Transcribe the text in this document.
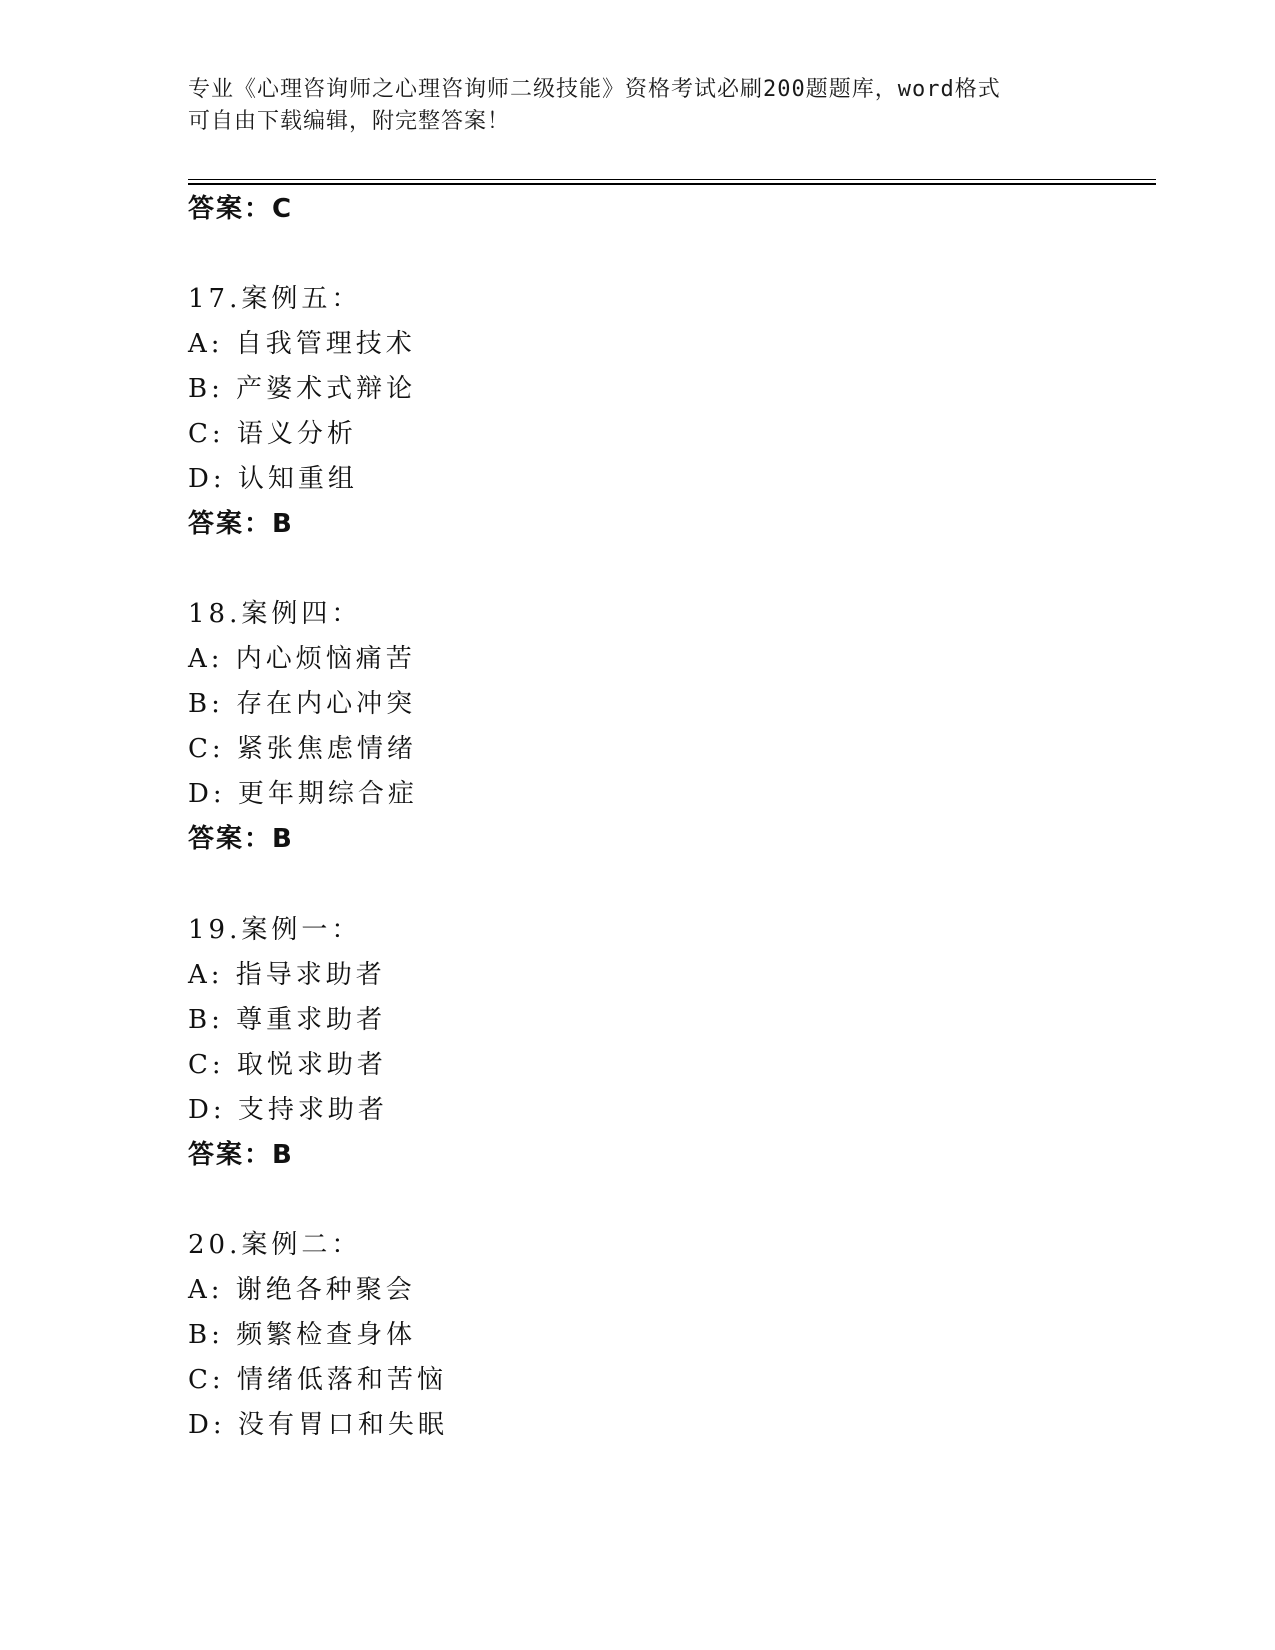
专业《心理咨询师之心理咨询师二级技能》资格考试必刷200题题库，word格式
可自由下载编辑，附完整答案！
答案：C
17.案例五：
A: 自我管理技术
B: 产婆术式辩论
C: 语义分析
D: 认知重组
答案：B
18.案例四：
A: 内心烦恼痛苦
B: 存在内心冲突
C: 紧张焦虑情绪
D: 更年期综合症
答案：B
19.案例一：
A: 指导求助者
B: 尊重求助者
C: 取悦求助者
D: 支持求助者
答案：B
20.案例二：
A: 谢绝各种聚会
B: 频繁检查身体
C: 情绪低落和苦恼
D: 没有胃口和失眠
